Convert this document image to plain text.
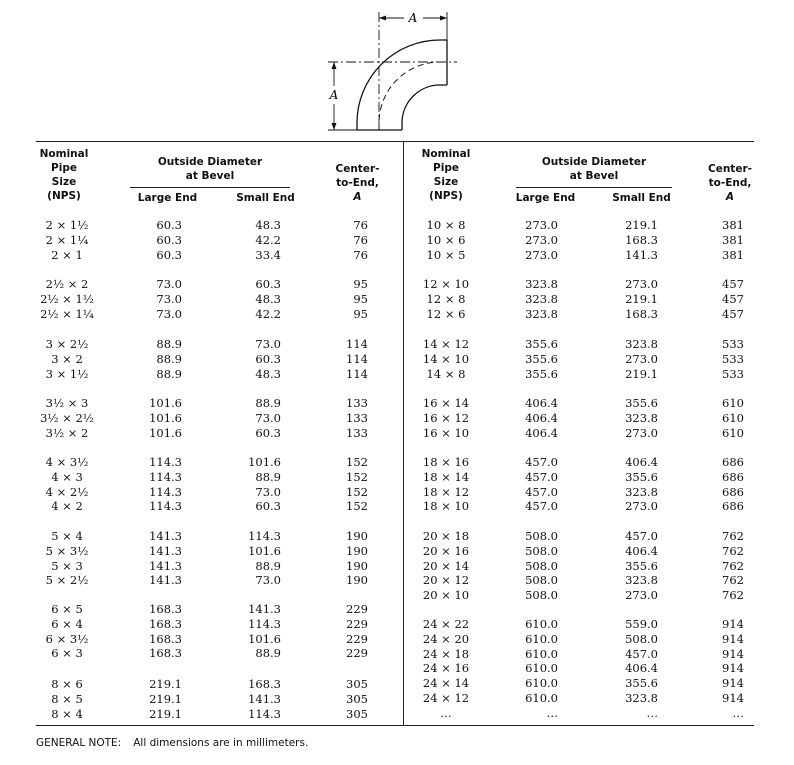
A
A
Nominal
Pipe
Size
(NPS)
Outside Diameter
at Bevel
Large End	Small End
Center-
to-End,
A
Nominal
Pipe
Size
(NPS)
Outside Diameter
at Bevel
Large End	Small End
Center-
to-End,
A
2 × 1½	60.3	48.3	76
2 × 1¼	60.3	42.2	76
2 × 1	60.3	33.4	76
2½ × 2	73.0	60.3	95
2½ × 1½	73.0	48.3	95
2½ × 1¼	73.0	42.2	95
3 × 2½	88.9	73.0	114
3 × 2	88.9	60.3	114
3 × 1½	88.9	48.3	114
3½ × 3	101.6	88.9	133
3½ × 2½	101.6	73.0	133
3½ × 2	101.6	60.3	133
4 × 3½	114.3	101.6	152
4 × 3	114.3	88.9	152
4 × 2½	114.3	73.0	152
4 × 2	114.3	60.3	152
5 × 4	141.3	114.3	190
5 × 3½	141.3	101.6	190
5 × 3	141.3	88.9	190
5 × 2½	141.3	73.0	190
6 × 5	168.3	141.3	229
6 × 4	168.3	114.3	229
6 × 3½	168.3	101.6	229
6 × 3	168.3	88.9	229
8 × 6	219.1	168.3	305
8 × 5	219.1	141.3	305
8 × 4	219.1	114.3	305
10 × 8	273.0	219.1	381
10 × 6	273.0	168.3	381
10 × 5	273.0	141.3	381
12 × 10	323.8	273.0	457
12 × 8	323.8	219.1	457
12 × 6	323.8	168.3	457
14 × 12	355.6	323.8	533
14 × 10	355.6	273.0	533
14 × 8	355.6	219.1	533
16 × 14	406.4	355.6	610
16 × 12	406.4	323.8	610
16 × 10	406.4	273.0	610
18 × 16	457.0	406.4	686
18 × 14	457.0	355.6	686
18 × 12	457.0	323.8	686
18 × 10	457.0	273.0	686
20 × 18	508.0	457.0	762
20 × 16	508.0	406.4	762
20 × 14	508.0	355.6	762
20 × 12	508.0	323.8	762
20 × 10	508.0	273.0	762
24 × 22	610.0	559.0	914
24 × 20	610.0	508.0	914
24 × 18	610.0	457.0	914
24 × 16	610.0	406.4	914
24 × 14	610.0	355.6	914
24 × 12	610.0	323.8	914
…	…	…	…
GENERAL NOTE: All dimensions are in millimeters.
